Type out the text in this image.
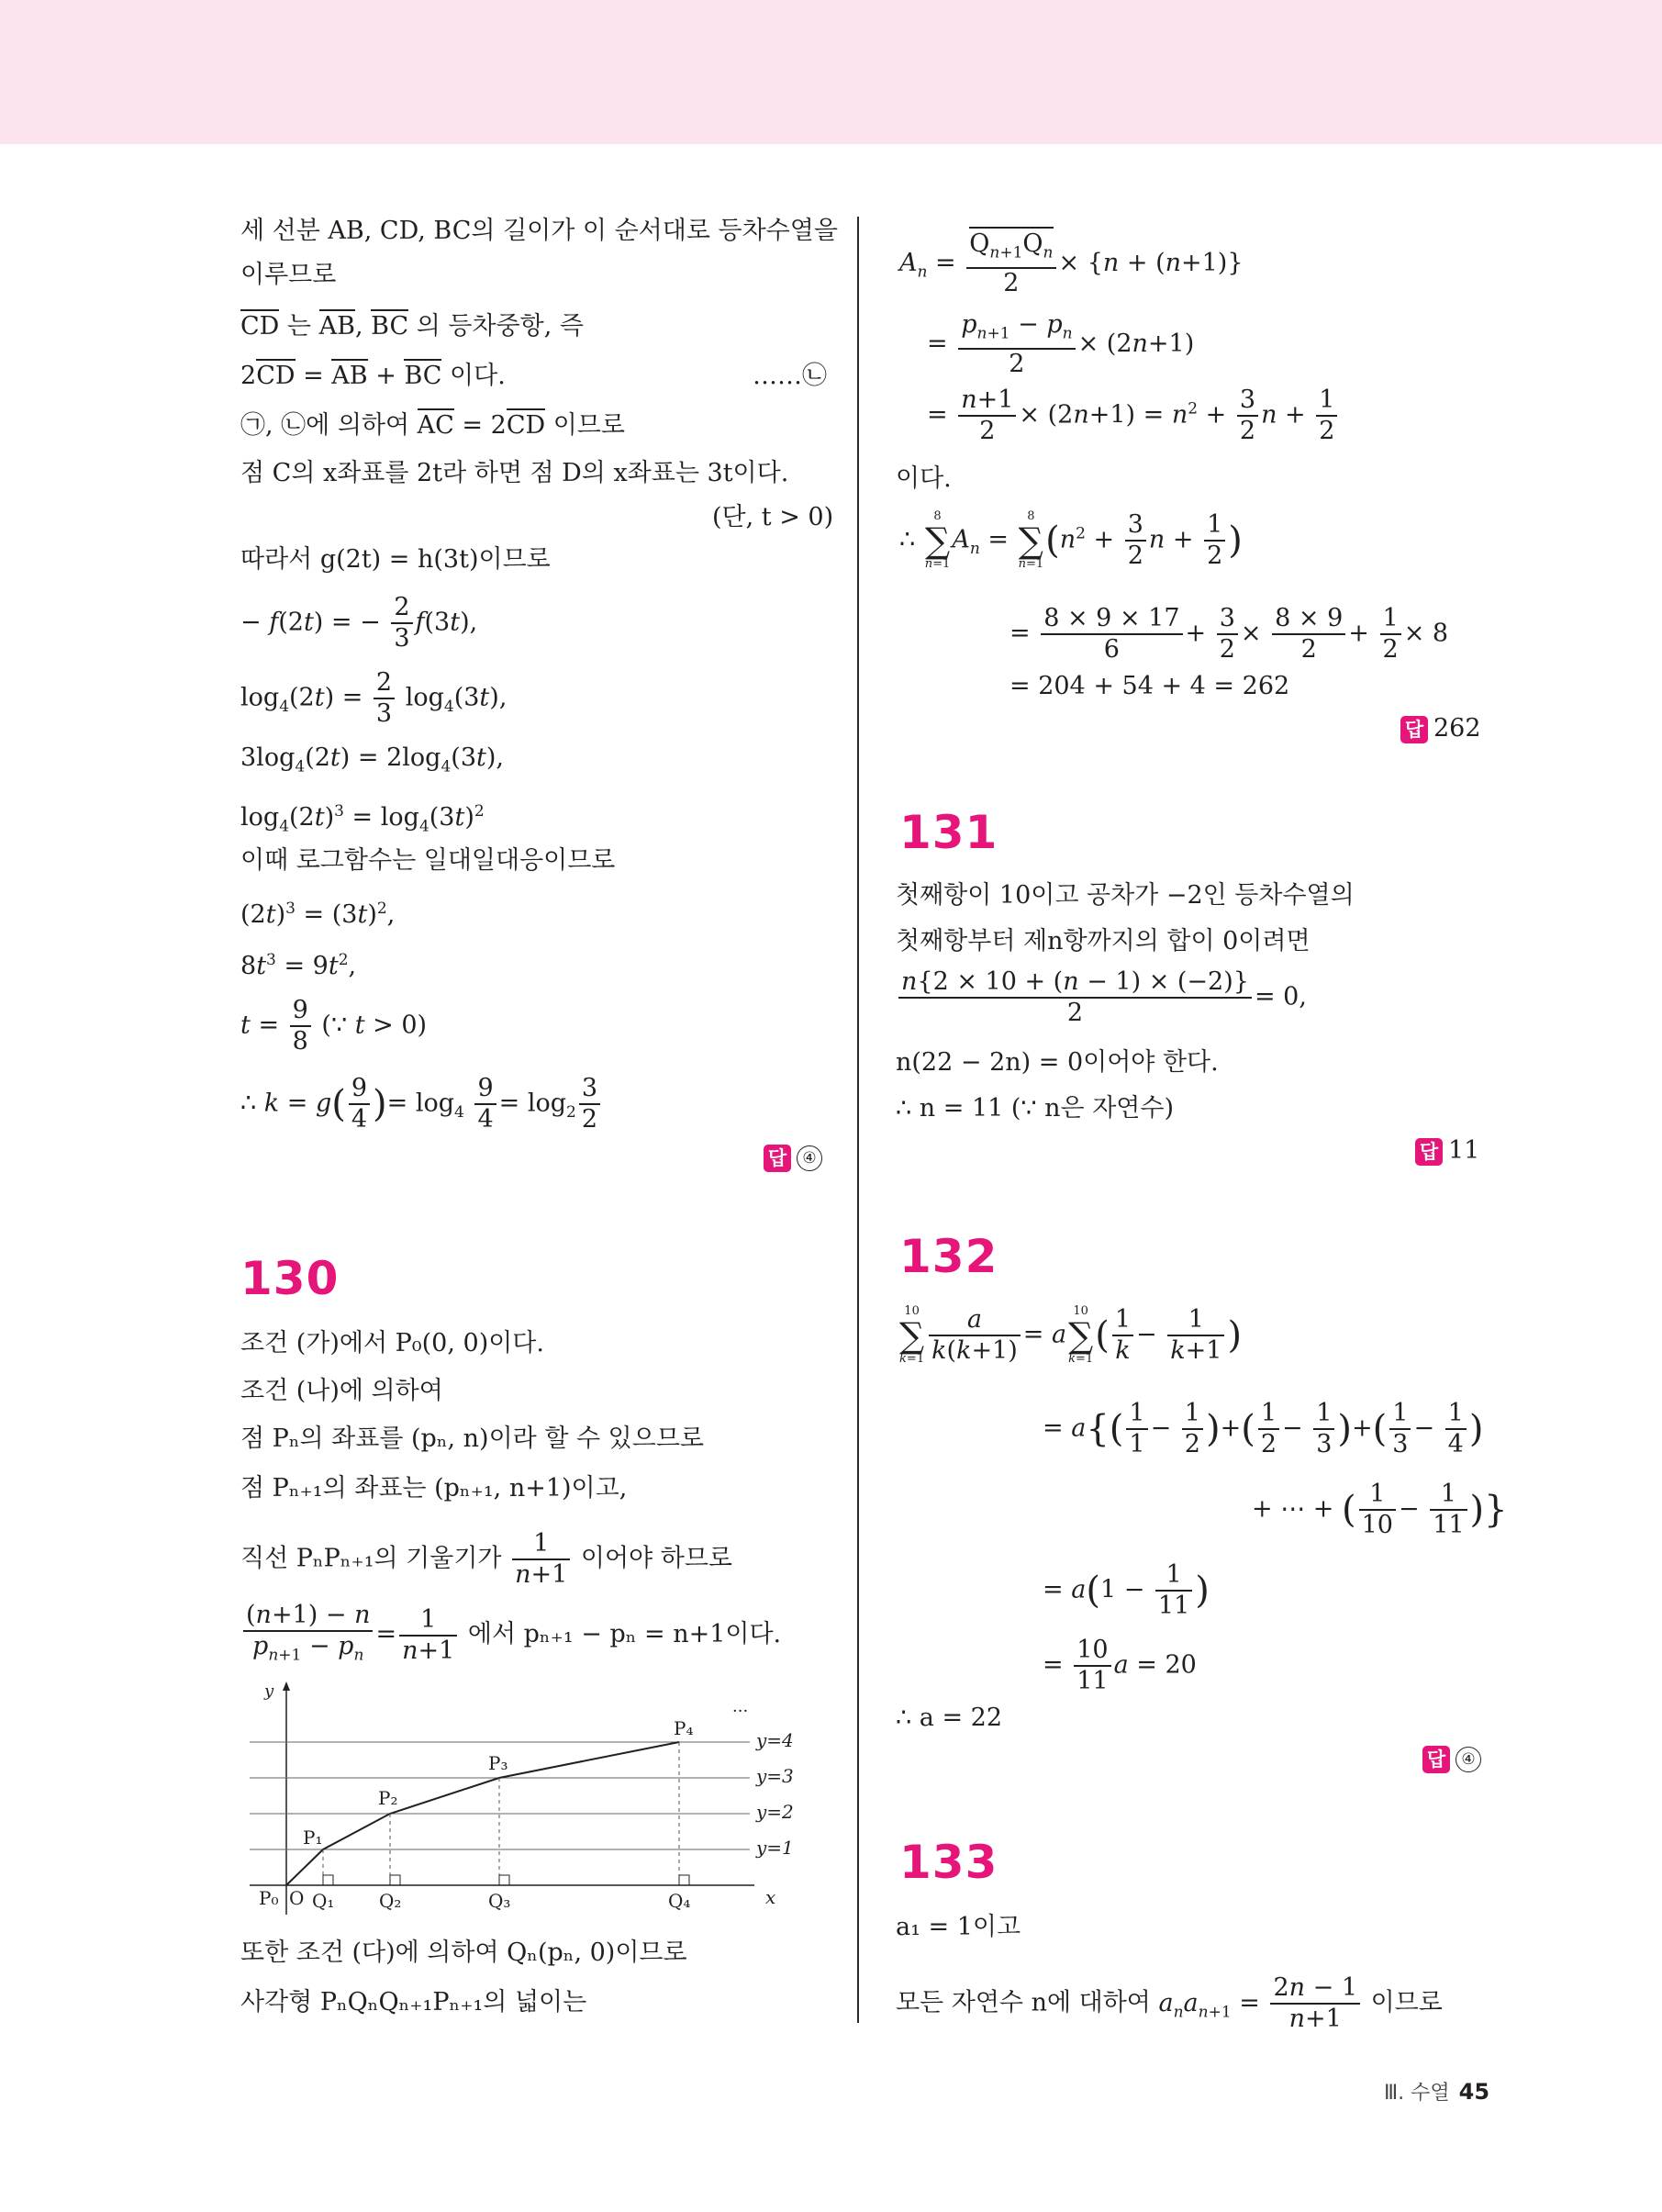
세 선분 AB, CD, BC의 길이가 이 순서대로 등차수열을
이루므로
CD 는 AB, BC 의 등차중항, 즉
2CD = AB + BC 이다.	……㉡
㉠, ㉡에 의하여 AC = 2CD 이므로
점 C의 x좌표를 2t라 하면 점 D의 x좌표는 3t이다.
(단, t > 0)
따라서 g(2t) = h(3t)이므로
− f(2t) = − $\frac{2}{3} f(3t)$,
$\log_4(2t) = \frac{2}{3} \log_4(3t)$,
$3\log_4(2t) = 2\log_4(3t)$,
$\log_4(2t)^3 = \log_4(3t)^2$
이때 로그함수는 일대일대응이므로
$(2t)^3 = (3t)^2$,
$8t^3 = 9t^2$,
$t = \frac{9}{8}$ (∵ t > 0)
∴ $k = g( \frac{9}{4}$ )= $\log_4 \frac{9}{4} = \log_2 \frac{3}{2}$
답 ④
130
조건 (가)에서 P₀(0, 0)이다.
조건 (나)에 의하여
점 Pₙ의 좌표를 (pₙ, n)이라 할 수 있으므로
점 Pₙ₊₁의 좌표는 (pₙ₊₁, n+1)이고,
직선 PₙPₙ₊₁의 기울기가 $\frac{1}{n+1}$ 이어야 하므로
$\frac{(n+1) - n}{p_{n+1} - p_n} = \frac{1}{n+1}$ 에서 pₙ₊₁ − pₙ = n+1이다.
y
x
O
P₀
P₁
P₂
P₃
P₄
Q₁ Q₂	Q₃	Q₄
y=1
y=2
y=3
y=4
···
또한 조건 (다)에 의하여 Qₙ(pₙ, 0)이므로
사각형 PₙQₙQₙ₊₁Pₙ₊₁의 넓이는
$A_n = \frac{Q_{n+1}Q_n}{2} \times \{n + (n+1)\}$
= $\frac{p_{n+1} - p_n}{2} \times (2n+1)$
= $\frac{n+1}{2} \times (2n+1) = n^2 + \frac{3}{2}$ $n + \frac{1}{2}$
이다.
∴ 8
∑
$n=1A_n = 8$
∑
$n=1(n^2 + \frac{3}{2}$ $n + \frac{1}{2}$ )
= $\frac{8 \times 9 \times 17}{6} + \frac{3}{2} \times \frac{8 \times 9}{2} + \frac{1}{2} \times 8$
= 204 + 54 + 4 = 262
답 262
131
첫째항이 10이고 공차가 −2인 등차수열의
첫째항부터 제n항까지의 합이 0이려면
$\frac{n\{2 \times 10 + (n - 1) \times (-2)\}}{2} = 0$,
n(22 − 2n) = 0이어야 한다.
∴ n = 11 (∵ n은 자연수)
답 11
132
10
∑
$k=1 \frac{a}{k(k+1)} = a10$
∑
$k=1( \frac{1}{k} - \frac{1}{k+1}$ )
= $a\{( \frac{1}{1} - \frac{1}{2}$ )+( $\frac{1}{2} - \frac{1}{3}$ )+( $\frac{1}{3} - \frac{1}{4}$ )
+ ⋯ + ( $\frac{1}{10} - \frac{1}{11}$ )}
= $a(1 - \frac{1}{11}$ )
= $\frac{10}{11}$ a = 20
∴ a = 22
답 ④
133
a₁ = 1이고
모든 자연수 n에 대하여 $a_na_{n+1} = \frac{2n - 1}{n+1}$ 이므로
Ⅲ. 수열 45
